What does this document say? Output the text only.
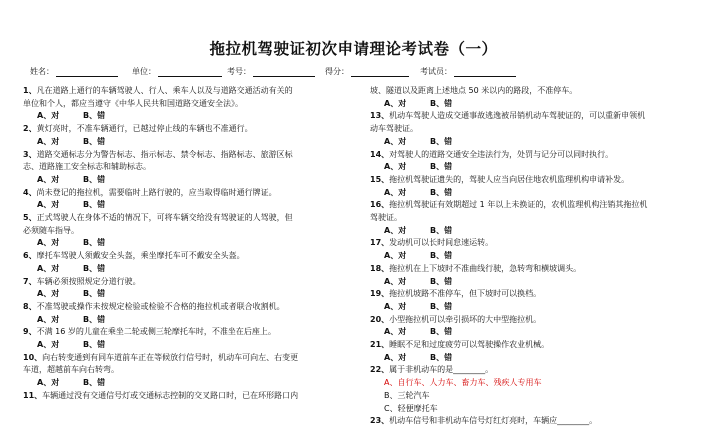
拖拉机驾驶证初次申请理论考试卷（一）
姓名：	单位：	考号：	得分：	考试员：
1、凡在道路上通行的车辆驾驶人、行人、乘车人以及与道路交通活动有关的
单位和个人，都应当遵守《中华人民共和国道路交通安全法》。
A、对	B、错
2、黄灯亮时，不准车辆通行，已越过停止线的车辆也不准通行。
A、对	B、错
3、道路交通标志分为警告标志、指示标志、禁令标志、指路标志、旅游区标
志、道路施工安全标志和辅助标志。
A、对	B、错
4、尚未登记的拖拉机，需要临时上路行驶的，应当取得临时通行牌证。
A、对	B、错
5、正式驾驶人在身体不适的情况下，可将车辆交给没有驾驶证的人驾驶，但
必须随车指导。
A、对	B、错
6、摩托车驾驶人须戴安全头盔，乘坐摩托车可不戴安全头盔。
A、对	B、错
7、车辆必须按照规定分道行驶。
A、对	B、错
8、不准驾驶或操作未按规定检验或检验不合格的拖拉机或者联合收割机。
A、对	B、错
9、不满 16 岁的儿童在乘坐二轮或侧三轮摩托车时，不准坐在后座上。
A、对	B、错
10、向右转变通到有同车道前车正在等候放行信号时，机动车可向左、右变更
车道，超越前车向右转弯。
A、对	B、错
11、车辆通过没有交通信号灯或交通标志控制的交叉路口时，已在环形路口内
坡、隧道以及距离上述地点 50 米以内的路段，不准停车。
A、对	B、错
13、机动车驾驶人造成交通事故逃逸被吊销机动车驾驶证的，可以重新申领机
动车驾驶证。
A、对	B、错
14、对驾驶人的道路交通安全违法行为，处罚与记分可以同时执行。
A、对	B、错
15、拖拉机驾驶证遗失的，驾驶人应当向居住地农机监理机构申请补发。
A、对	B、错
16、拖拉机驾驶证有效期超过 1 年以上未换证的，农机监理机构注销其拖拉机
驾驶证。
A、对	B、错
17、发动机可以长时间怠速运转。
A、对	B、错
18、拖拉机在上下坡时不准曲线行驶，急转弯和横坡调头。
A、对	B、错
19、拖拉机坡路不准停车，但下坡时可以换档。
A、对	B、错
20、小型拖拉机可以牵引损坏的大中型拖拉机。
A、对	B、错
21、睡眠不足和过度疲劳可以驾驶操作农业机械。
A、对	B、错
22、属于非机动车的是________。
A、自行车、人力车、畜力车、残疾人专用车
B、三轮汽车
C、轻便摩托车
23、机动车信号和非机动车信号灯红灯亮时，车辆应________。
